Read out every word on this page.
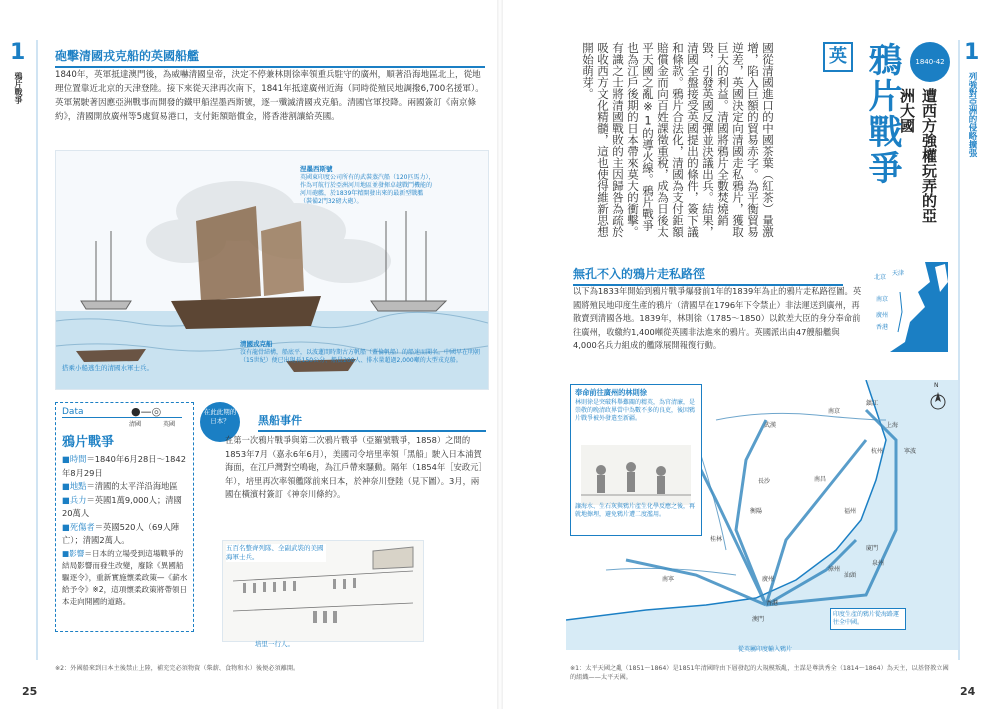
1
鴉片戰爭
砲擊清國戎克船的英國船艦
1840年，英軍抵達澳門後，為威嚇清國皇帝，決定不停兼林則徐率領重兵駐守的廣州，順著沿海地區北上，從地理位置靠近北京的天津登陸。接下來從天津再次南下，1841年抵達廣州近海（同時從殖民地調撥6,700名援軍）。英軍駕駛著因應亞洲戰事而開發的鐵甲船涅墨西斯號，逐一殲滅清國戎克船。清國官軍投降。兩國簽訂《南京條約》，清國開放廣州等5處貿易港口，支付鉅額賠償金，將香港割讓給英國。
涅墨西斯號
英國東印度公司所有的武裝蒸汽船（120匹馬力），作為可航行於亞洲河川地區並發揮卓越戰鬥機能的河川砲艦，於1839年精開發出來的最新型戰艦（裝備2門32磅大砲）。
清國戎克船
沒有龍骨結構，船底平，以波蓮間時期古方帆船（蓋倫帆船）的船速而聞名。中國早在明朝（15世紀）便已出現長150公分、船員200人、排水量超過2,000噸的大型戎克船。
搭乘小船逃生的清國水軍士兵。
Data	●—◎
清國	英國
鴉片戰爭
■時間＝1840年6月28日～1842年8月29日
■地點＝清國的太平洋沿海地區
■兵力＝英國1萬9,000人；清國20萬人
■死傷者＝英國520人（69人陣亡）；清國2萬人。
■影響＝日本的立場受到這場戰爭的結局影響而發生改變，廢除《異國船驅逐令》，重新實施懷柔政策—《薪水給予令》※2，這項懷柔政策將帶領日本走向開國的道路。
在此此期的日本？	黑船事件
在第一次鴉片戰爭與第二次鴉片戰爭（亞羅號戰爭，1858）之間的1853年7月（嘉永6年6月），美國司令培里率領「黑船」駛入日本浦賀海面，在江戶灣對空鳴砲，為江戶帶來騷動。隔年（1854年［安政元］年），培里再次率領艦隊前來日本，於神奈川登陸（見下圖）。3月，兩國在橫濱村簽訂《神奈川條約》。
五百名整齊列隊、全副武裝的美國海軍士兵。
培里一行人。
※2：外國船來到日本主後禁止上陸，補充完必須物資（柴薪、食物和水）後便必須離開。
25
1
列強對亞洲的侵略擴張
1840-42
遭西方強權玩弄的亞洲大國
鴉片戰爭
英
國從清國進口的中國茶葉（紅茶）量激增，陷入巨額的貿易赤字。為平衡貿易逆差，英國決定向清國走私鴉片，獲取巨大的利益。清國將鴉片全數焚燒銷毀，引發英國反彈並決議出兵。結果，清國全盤接受英國提出的條件，簽下議和條款。鴉片合法化，清國為支付鉅額賠償金而向百姓課徵重稅，成為日後太平天國之亂※1的導火線。鴉片戰爭也為江戶後期的日本帶來莫大的衝擊。有識之士將清國戰敗的主因歸咎為疏於吸收西方文化精髓，這也使得維新思想開始萌芽。
無孔不入的鴉片走私路徑
以下為1833年開始到鴉片戰爭爆發前1年的1839年為止的鴉片走私路徑圖。英國將殖民地印度生產的鴉片（清國早在1796年下令禁止）非法運送到廣州，再散賣到清國各地。1839年，林則徐（1785～1850）以欽差大臣的身分奉命前往廣州，收繳約1,400噸從英國非法進來的鴉片。英國派出由47艘船艦與4,000名兵力組成的艦隊展開報復行動。
北京
天津
南京
廣州
香港
N
南京
鎮江
上海
武漢
杭州	寧波
長沙	南昌
衡陽	福州
漳州
廈門
泉州
桂林
廣州
香港
澳門
汕頭
南寧
奉命前往廣州的林則徐
林則徐是突破科舉難關的精英，為官清廉，是崇敬的晚清政界當中為數不多的良吏，後因鴉片戰爭被外發遣至新疆。
讓海水、生石灰與鴉片產生化學反應之後，再就地擦埋，避免鴉片遭二度濫用。
印度生產的鴉片從海路運往全中國。
從英屬印度輸入鴉片
※1：太平天國之亂（1851～1864）是1851年清國時由下層發起的大規模叛亂，主謀是尊洪秀全（1814～1864）為天主，以基督教立國的組織——太平天國。
24
